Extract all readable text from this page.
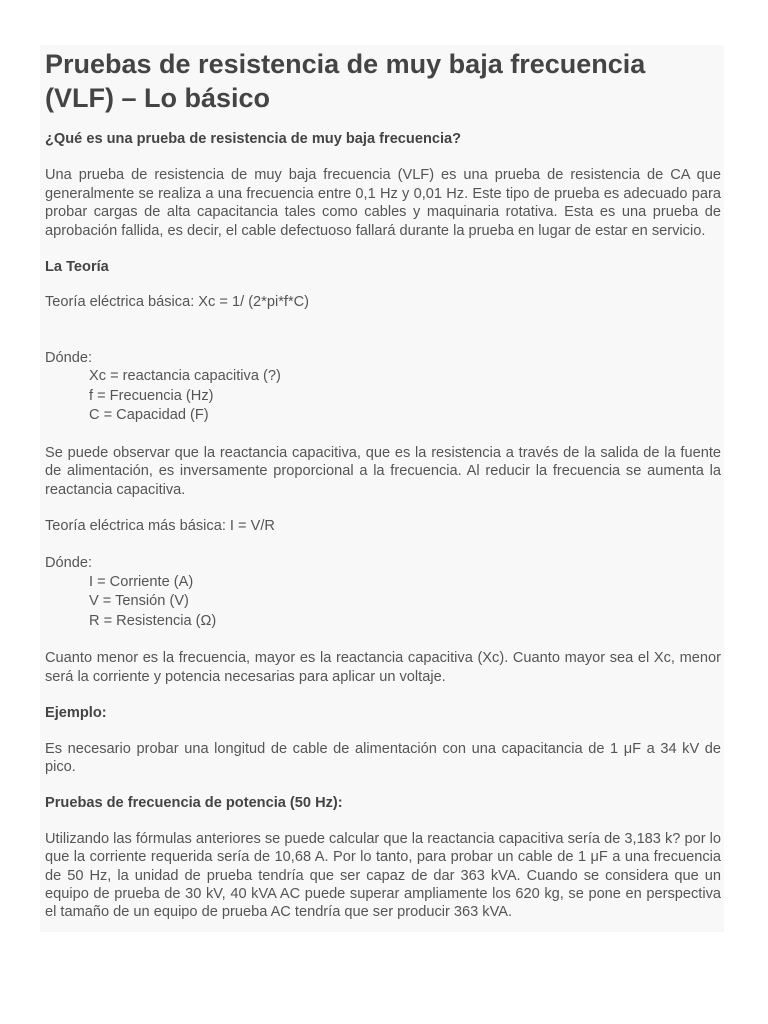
Pruebas de resistencia de muy baja frecuencia (VLF) – Lo básico
¿Qué es una prueba de resistencia de muy baja frecuencia?

Una prueba de resistencia de muy baja frecuencia (VLF) es una prueba de resistencia de CA que generalmente se realiza a una frecuencia entre 0,1 Hz y 0,01 Hz. Este tipo de prueba es adecuado para probar cargas de alta capacitancia tales como cables y maquinaria rotativa. Esta es una prueba de aprobación fallida, es decir, el cable defectuoso fallará durante la prueba en lugar de estar en servicio.

La Teoría

Teoría eléctrica básica: Xc = 1/ (2*pi*f*C)

Dónde:

Xc = reactancia capacitiva (?)
f = Frecuencia (Hz)
C = Capacidad (F)

Se puede observar que la reactancia capacitiva, que es la resistencia a través de la salida de la fuente de alimentación, es inversamente proporcional a la frecuencia. Al reducir la frecuencia se aumenta la reactancia capacitiva.

Teoría eléctrica más básica: I = V/R

Dónde:

I = Corriente (A)
V = Tensión (V)
R = Resistencia (Ω)

Cuanto menor es la frecuencia, mayor es la reactancia capacitiva (Xc). Cuanto mayor sea el Xc, menor será la corriente y potencia necesarias para aplicar un voltaje.

Ejemplo:

Es necesario probar una longitud de cable de alimentación con una capacitancia de 1 μF a 34 kV de pico.

Pruebas de frecuencia de potencia (50 Hz):

Utilizando las fórmulas anteriores se puede calcular que la reactancia capacitiva sería de 3,183 k? por lo que la corriente requerida sería de 10,68 A. Por lo tanto, para probar un cable de 1 μF a una frecuencia de 50 Hz, la unidad de prueba tendría que ser capaz de dar 363 kVA. Cuando se considera que un equipo de prueba de 30 kV, 40 kVA AC puede superar ampliamente los 620 kg, se pone en perspectiva el tamaño de un equipo de prueba AC tendría que ser producir 363 kVA.
